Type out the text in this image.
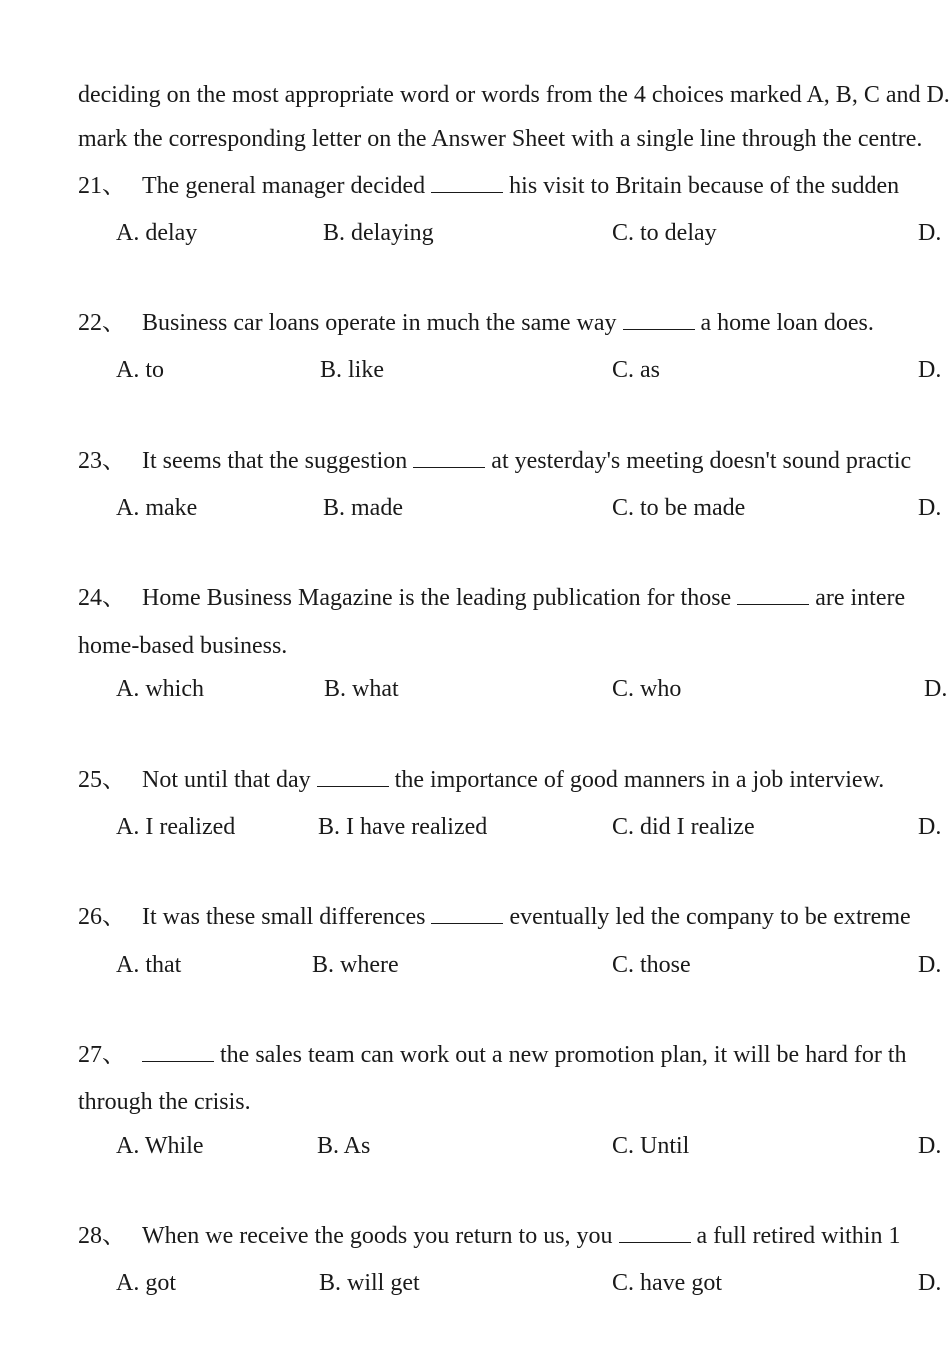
deciding on the most appropriate word or words from the 4 choices marked A, B, C and D.
mark the corresponding letter on the Answer Sheet with a single line through the centre.
21、 The general manager decided	his visit to Britain because of the sudden
A. delay	B. delaying	C. to delay	D.
22、 Business car loans operate in much the same way	a home loan does.
A. to	B. like	C. as	D.
23、 It seems that the suggestion	at yesterday's meeting doesn't sound practic
A. make	B. made	C. to be made	D.
24、 Home Business Magazine is the leading publication for those	are intere
home-based business.
A. which	B. what	C. who	D.
25、 Not until that day	the importance of good manners in a job interview.
A. I realized	B. I have realized	C. did I realize	D.
26、 It was these small differences	eventually led the company to be extreme
A. that	B. where	C. those	D.
27、	the sales team can work out a new promotion plan, it will be hard for th
through the crisis.
A. While	B. As	C. Until	D.
28、 When we receive the goods you return to us, you	a full retired within 1
A. got	B. will get	C. have got	D.
